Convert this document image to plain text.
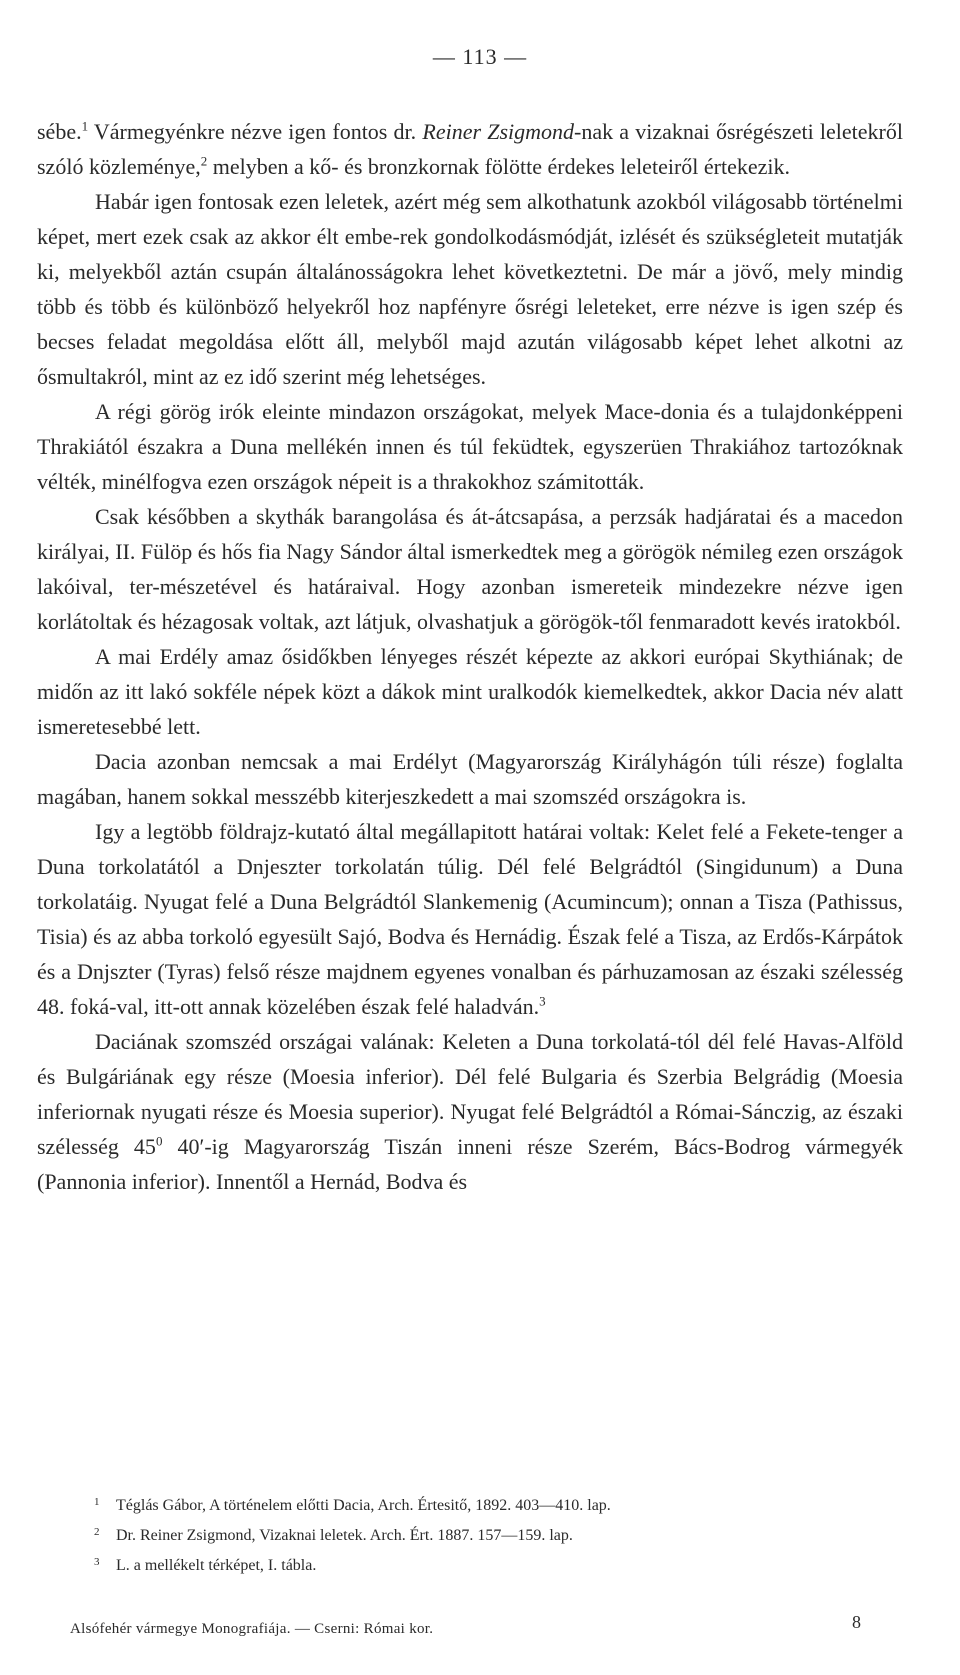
— 113 —

sébe.$^1$ Vármegyénkre nézve igen fontos dr. Reiner Zsigmond-nak a vizaknai ősrégészeti leletekről szóló közleménye,$^2$ melyben a kő- és bronzkornak fölötte érdekes leleteiről értekezik.

Habár igen fontosak ezen leletek, azért még sem alkothatunk azokból világosabb történelmi képet, mert ezek csak az akkor élt embe-rek gondolkodásmódját, izlését és szükségleteit mutatják ki, melyekből aztán csupán általánosságokra lehet következtetni. De már a jövő, mely mindig több és több és különböző helyekről hoz napfényre ősrégi leleteket, erre nézve is igen szép és becses feladat megoldása előtt áll, melyből majd azután világosabb képet lehet alkotni az ősmultakról, mint az ez idő szerint még lehetséges.

A régi görög irók eleinte mindazon országokat, melyek Mace-donia és a tulajdonképpeni Thrakiától északra a Duna mellékén innen és túl feküdtek, egyszerüen Thrakiához tartozóknak vélték, minélfogva ezen országok népeit is a thrakokhoz számitották.

Csak későbben a skythák barangolása és át-átcsapása, a perzsák hadjáratai és a macedon királyai, II. Fülöp és hős fia Nagy Sándor által ismerkedtek meg a görögök némileg ezen országok lakóival, ter-mészetével és határaival. Hogy azonban ismereteik mindezekre nézve igen korlátoltak és hézagosak voltak, azt látjuk, olvashatjuk a görögök-től fenmaradott kevés iratokból.

A mai Erdély amaz ősidőkben lényeges részét képezte az akkori európai Skythiának; de midőn az itt lakó sokféle népek közt a dákok mint uralkodók kiemelkedtek, akkor Dacia név alatt ismeretesebbé lett.

Dacia azonban nemcsak a mai Erdélyt (Magyarország Királyhágón túli része) foglalta magában, hanem sokkal messzébb kiterjeszkedett a mai szomszéd országokra is.

Igy a legtöbb földrajz-kutató által megállapitott határai voltak: Kelet felé a Fekete-tenger a Duna torkolatától a Dnjeszter torkolatán túlig. Dél felé Belgrádtól (Singidunum) a Duna torkolatáig. Nyugat felé a Duna Belgrádtól Slankemenig (Acumincum); onnan a Tisza (Pathissus, Tisia) és az abba torkoló egyesült Sajó, Bodva és Hernádig. Észak felé a Tisza, az Erdős-Kárpátok és a Dnjszter (Tyras) felső része majdnem egyenes vonalban és párhuzamosan az északi szélesség 48. foká-val, itt-ott annak közelében észak felé haladván.$^3$

Daciának szomszéd országai valának: Keleten a Duna torkolatá-tól dél felé Havas-Alföld és Bulgáriának egy része (Moesia inferior). Dél felé Bulgaria és Szerbia Belgrádig (Moesia inferiornak nyugati része és Moesia superior). Nyugat felé Belgrádtól a Római-Sánczig, az északi szélesség 45$^0$ 40′-ig Magyarország Tiszán inneni része Szerém, Bács-Bodrog vármegyék (Pannonia inferior). Innentől a Hernád, Bodva és

1 Téglás Gábor, A történelem előtti Dacia, Arch. Értesitő, 1892. 403—410. lap.
2 Dr. Reiner Zsigmond, Vizaknai leletek. Arch. Ért. 1887. 157—159. lap.
3 L. a mellékelt térképet, I. tábla.
Alsófehér vármegye Monografiája. — Cserni: Római kor.	8
